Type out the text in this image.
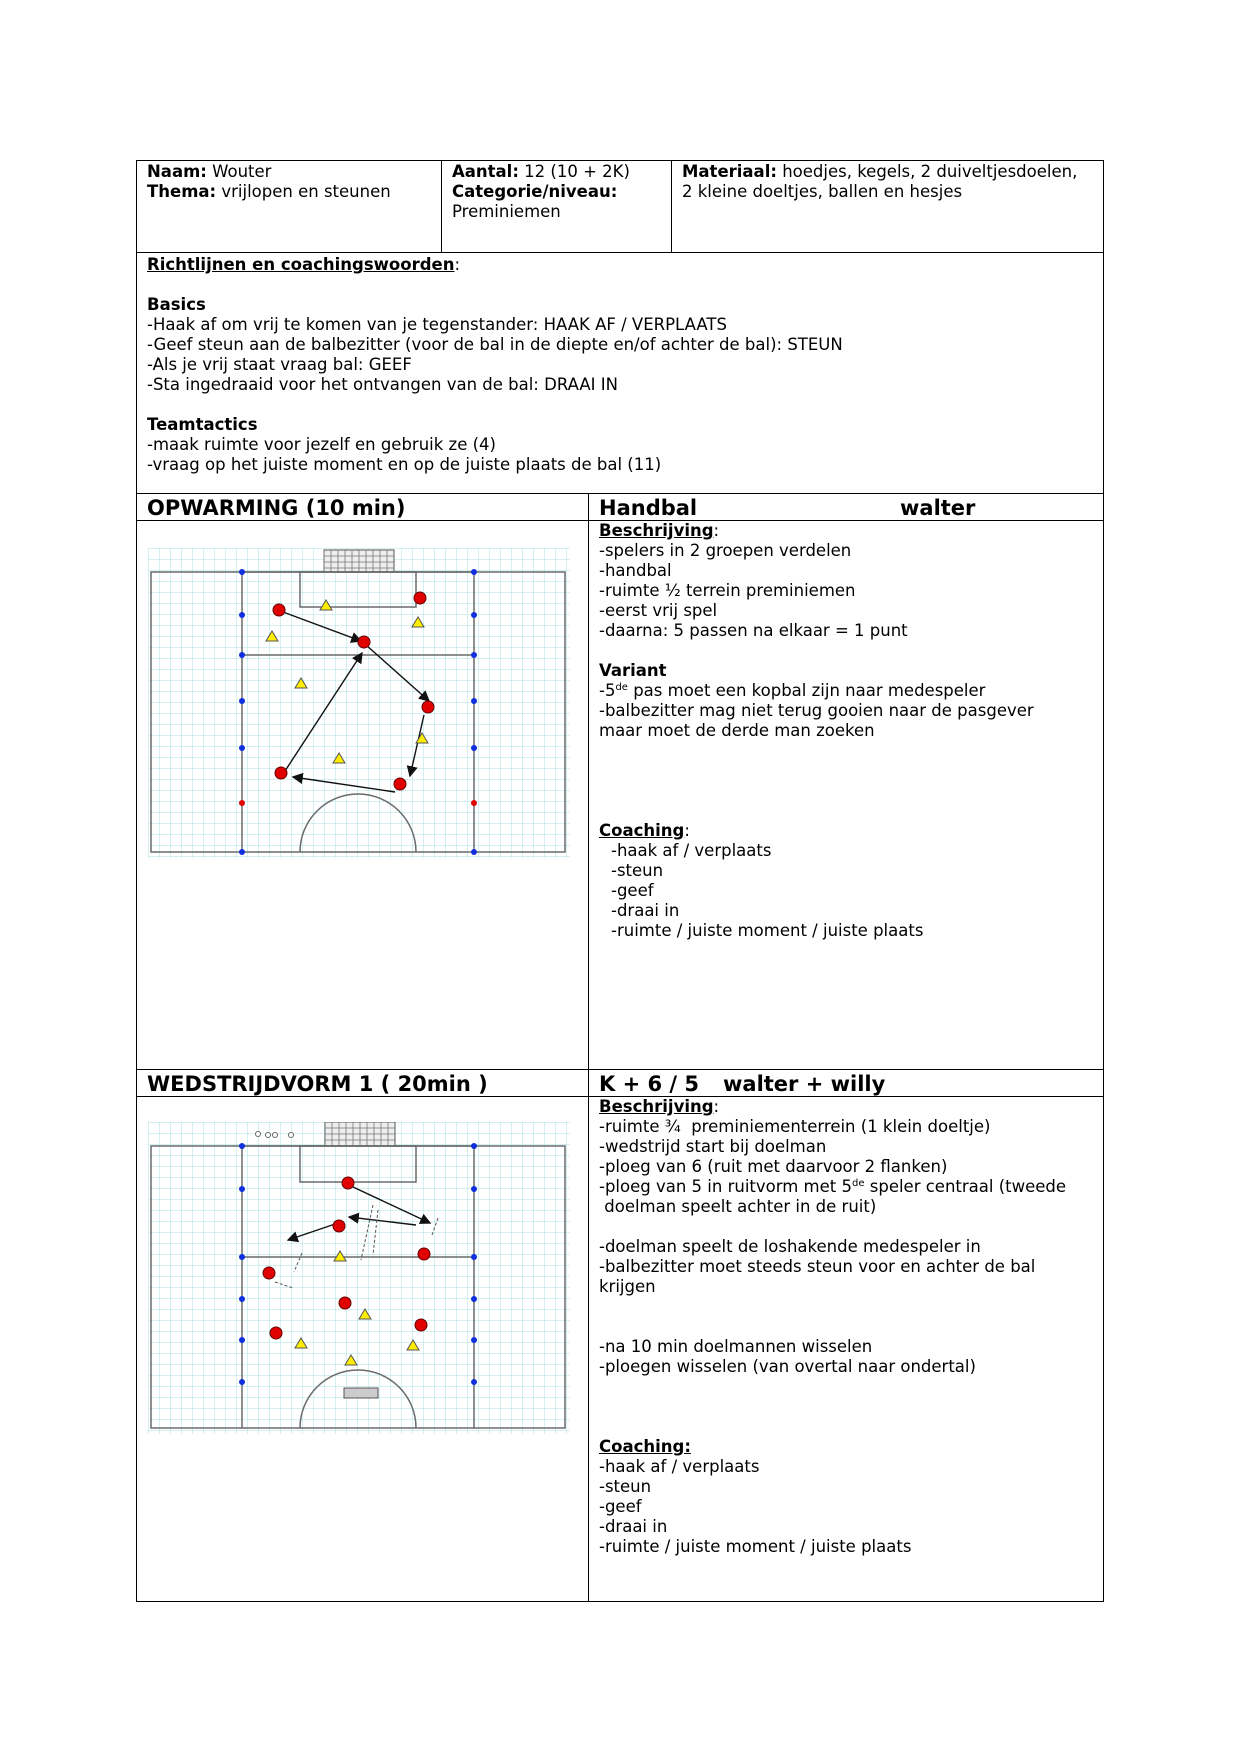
Naam: Wouter
Thema: vrijlopen en steunen
Aantal: 12 (10 + 2K)
Categorie/niveau:
Preminiemen
Materiaal: hoedjes, kegels, 2 duiveltjesdoelen,
2 kleine doeltjes, ballen en hesjes
Richtlijnen en coachingswoorden:
Basics
-Haak af om vrij te komen van je tegenstander: HAAK AF / VERPLAATS
-Geef steun aan de balbezitter (voor de bal in de diepte en/of achter de bal): STEUN
-Als je vrij staat vraag bal: GEEF
-Sta ingedraaid voor het ontvangen van de bal: DRAAI IN
Teamtactics
-maak ruimte voor jezelf en gebruik ze (4)
-vraag op het juiste moment en op de juiste plaats de bal (11)
OPWARMING (10 min)	Handbal	walter
Beschrijving:
-spelers in 2 groepen verdelen
-handbal
-ruimte ½ terrein preminiemen
-eerst vrij spel
-daarna: 5 passen na elkaar = 1 punt
Variant
-5de pas moet een kopbal zijn naar medespeler
-balbezitter mag niet terug gooien naar de pasgever
maar moet de derde man zoeken
Coaching:
-haak af / verplaats
-steun
-geef
-draai in
-ruimte / juiste moment / juiste plaats
WEDSTRIJDVORM 1 ( 20min )	K + 6 / 5 walter + willy
Beschrijving:
-ruimte ¾  preminiementerrein (1 klein doeltje)
-wedstrijd start bij doelman
-ploeg van 6 (ruit met daarvoor 2 flanken)
-ploeg van 5 in ruitvorm met 5de speler centraal (tweede
doelman speelt achter in de ruit)
-doelman speelt de loshakende medespeler in
-balbezitter moet steeds steun voor en achter de bal
krijgen
-na 10 min doelmannen wisselen
-ploegen wisselen (van overtal naar ondertal)
Coaching:
-haak af / verplaats
-steun
-geef
-draai in
-ruimte / juiste moment / juiste plaats
